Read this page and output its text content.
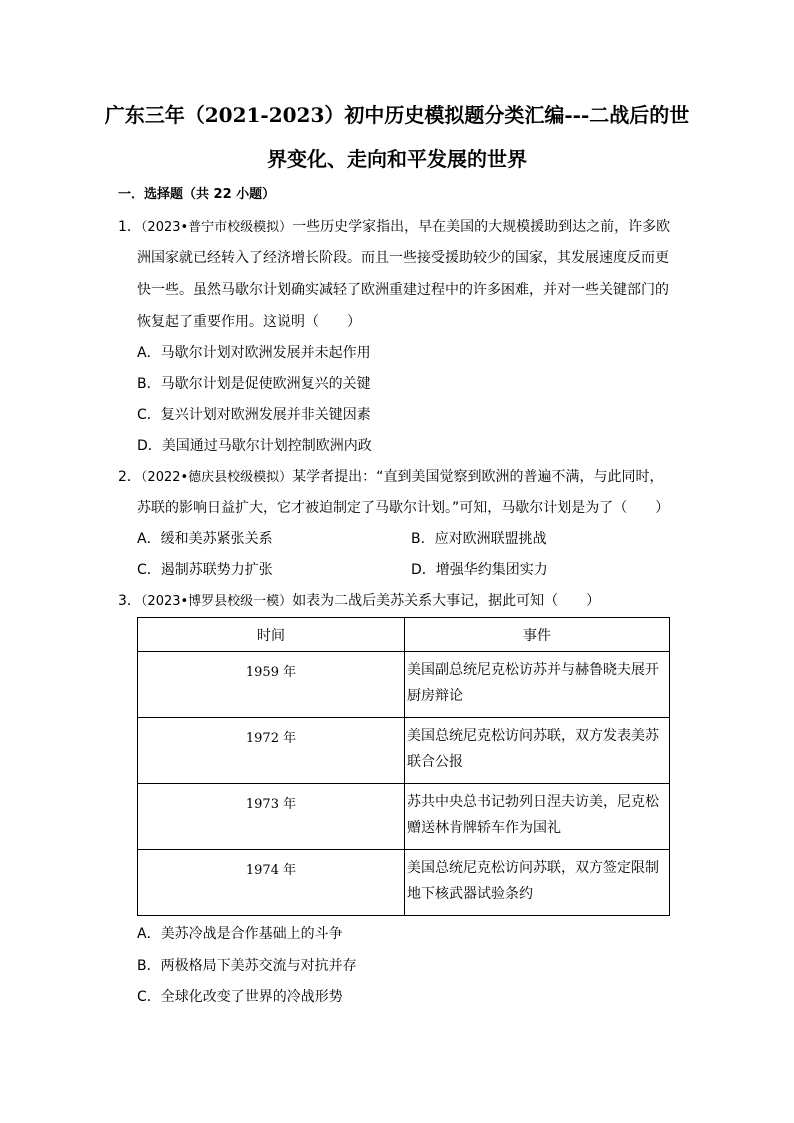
广东三年（2021-2023）初中历史模拟题分类汇编---二战后的世
界变化、走向和平发展的世界
一．选择题（共 22 小题）
1．（2023•普宁市校级模拟）一些历史学家指出，早在美国的大规模援助到达之前，许多欧
洲国家就已经转入了经济增长阶段。而且一些接受援助较少的国家，其发展速度反而更
快一些。虽然马歇尔计划确实减轻了欧洲重建过程中的许多困难，并对一些关键部门的
恢复起了重要作用。这说明（　　）
A．马歇尔计划对欧洲发展并未起作用
B．马歇尔计划是促使欧洲复兴的关键
C．复兴计划对欧洲发展并非关键因素
D．美国通过马歇尔计划控制欧洲内政
2．（2022•德庆县校级模拟）某学者提出：“直到美国觉察到欧洲的普遍不满，与此同时，
苏联的影响日益扩大，它才被迫制定了马歇尔计划。”可知，马歇尔计划是为了（　　）
A．缓和美苏紧张关系	B．应对欧洲联盟挑战
C．遏制苏联势力扩张	D．增强华约集团实力
3．（2023•博罗县校级一模）如表为二战后美苏关系大事记，据此可知（　　）
时间	事件
1959 年	美国副总统尼克松访苏并与赫鲁晓夫展开厨房辩论
1972 年	美国总统尼克松访问苏联，双方发表美苏联合公报
1973 年	苏共中央总书记勃列日涅夫访美，尼克松赠送林肯牌轿车作为国礼
1974 年	美国总统尼克松访问苏联，双方签定限制地下核武器试验条约
A．美苏冷战是合作基础上的斗争
B．两极格局下美苏交流与对抗并存
C．全球化改变了世界的冷战形势
